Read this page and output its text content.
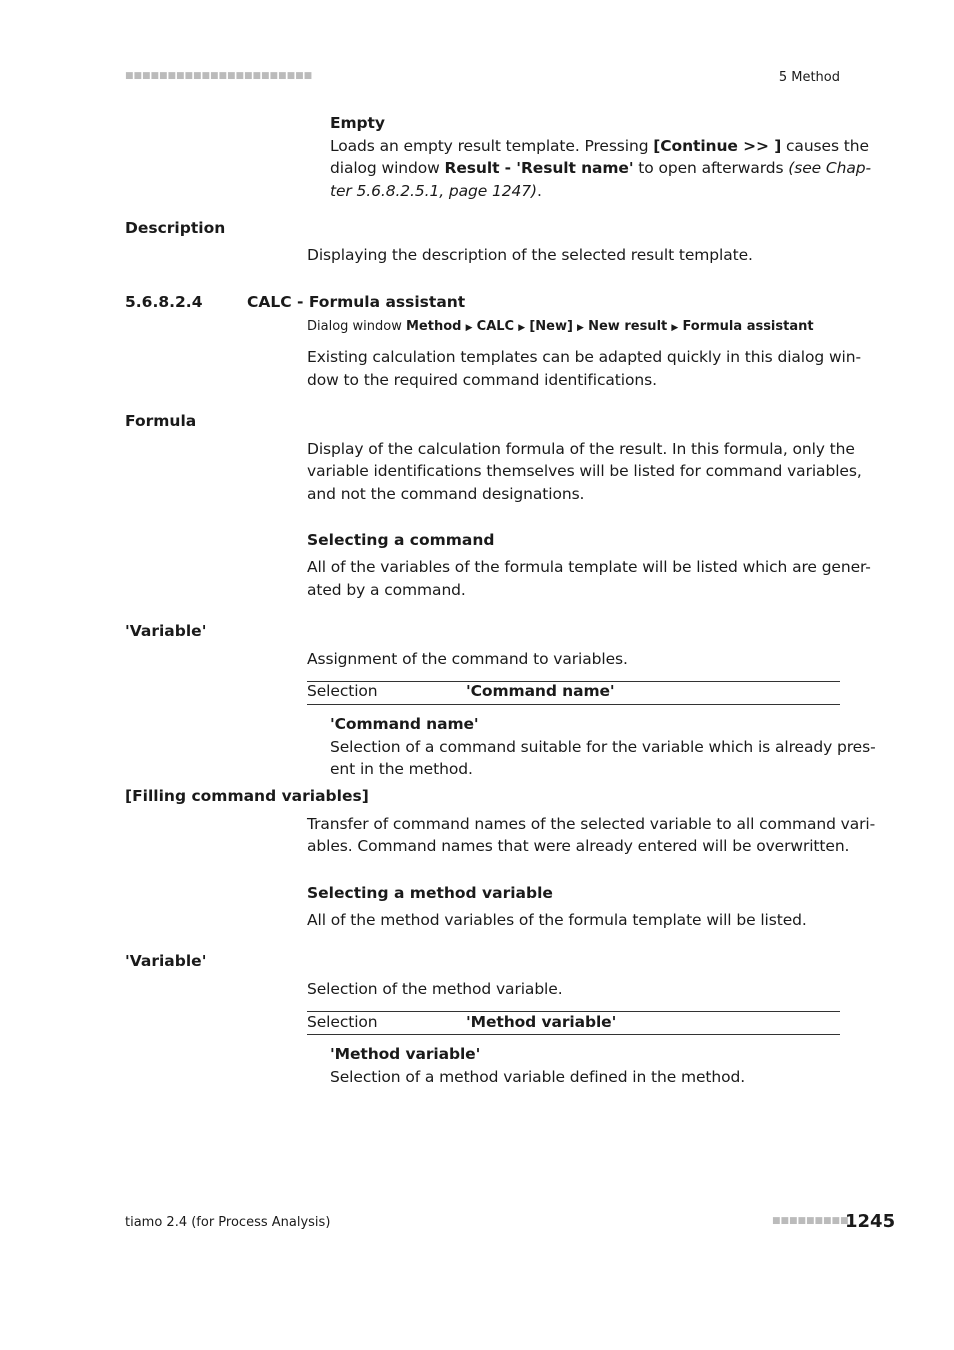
■■■■■■■■■■■■■■■■■■■■■■	5 Method
Empty
Loads an empty result template. Pressing [Continue >> ] causes the
dialog window Result - 'Result name' to open afterwards (see Chap-
ter 5.6.8.2.5.1, page 1247).
Description
Displaying the description of the selected result template.
5.6.8.2.4	CALC - Formula assistant
Dialog window Method ▶ CALC ▶ [New] ▶ New result ▶ Formula assistant
Existing calculation templates can be adapted quickly in this dialog win-
dow to the required command identifications.
Formula
Display of the calculation formula of the result. In this formula, only the
variable identifications themselves will be listed for command variables,
and not the command designations.
Selecting a command
All of the variables of the formula template will be listed which are gener-
ated by a command.
'Variable'
Assignment of the command to variables.
Selection	'Command name'
'Command name'
Selection of a command suitable for the variable which is already pres-
ent in the method.
[Filling command variables]
Transfer of command names of the selected variable to all command vari-
ables. Command names that were already entered will be overwritten.
Selecting a method variable
All of the method variables of the formula template will be listed.
'Variable'
Selection of the method variable.
Selection	'Method variable'
'Method variable'
Selection of a method variable defined in the method.
tiamo 2.4 (for Process Analysis)	■■■■■■■■■
1245
